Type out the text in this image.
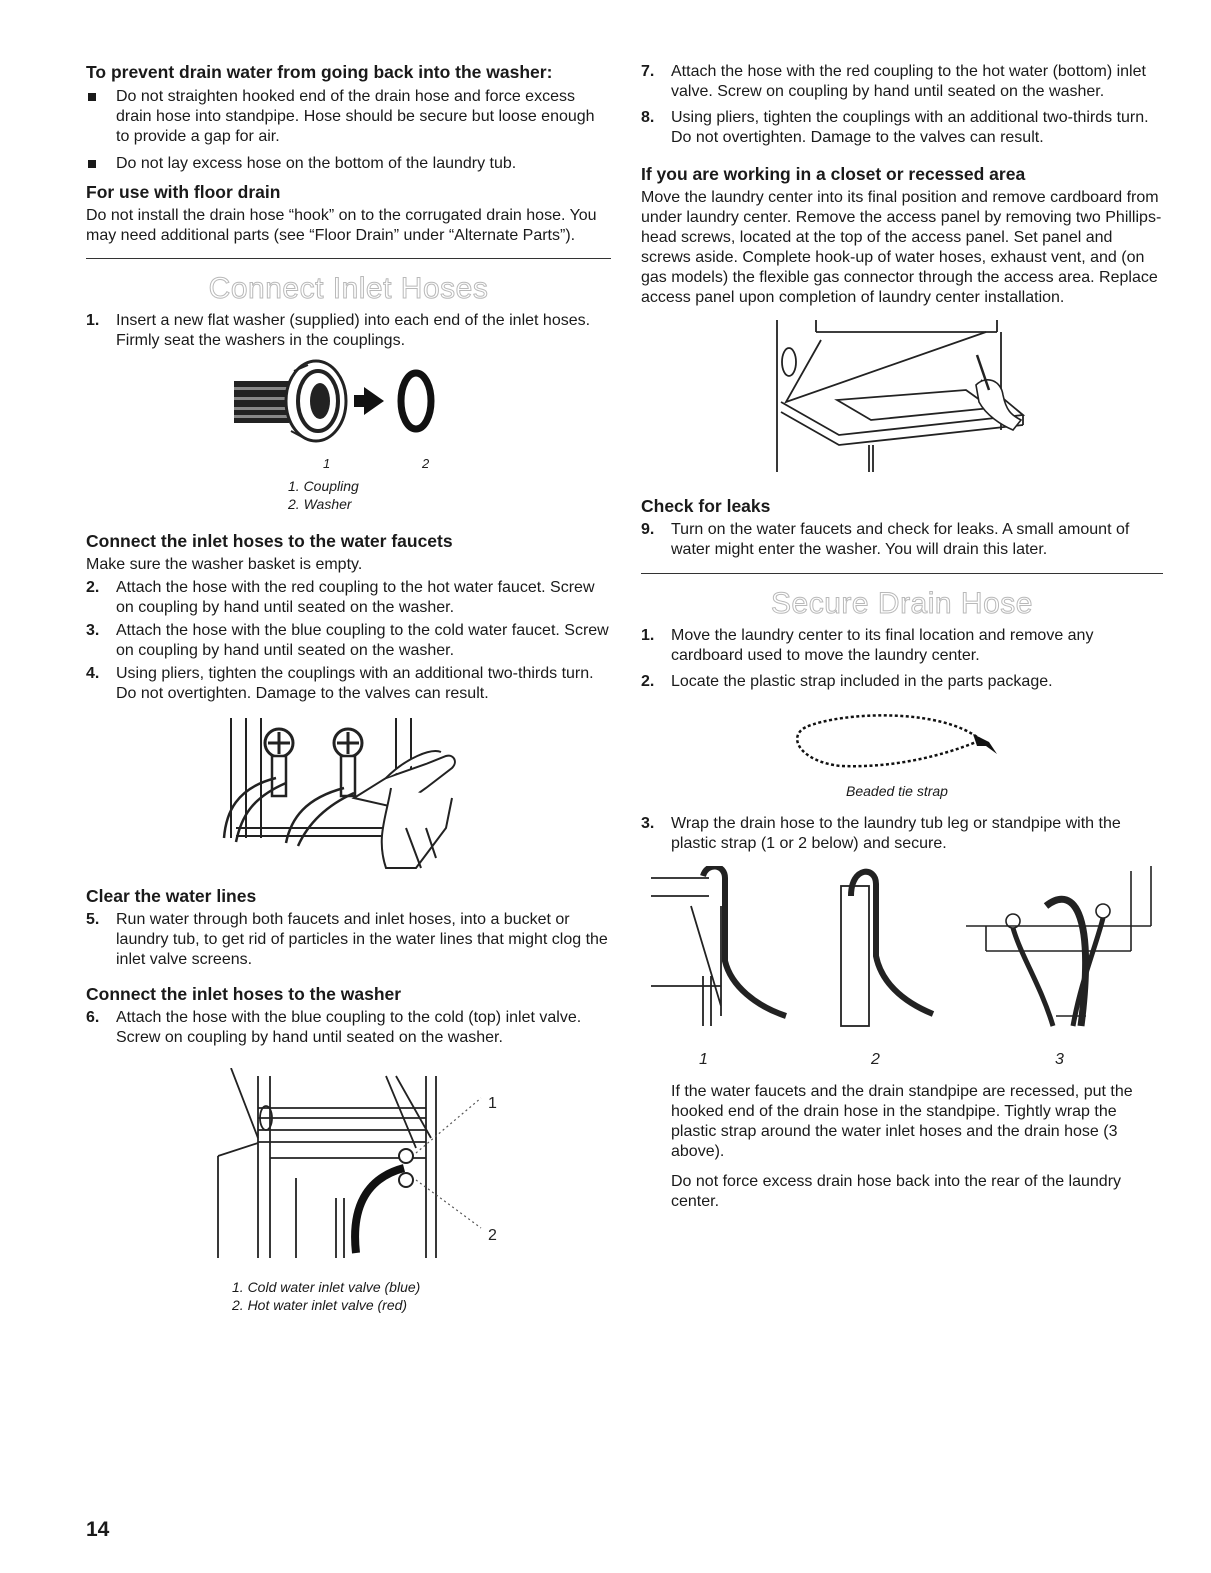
To prevent drain water from going back into the washer:
Do not straighten hooked end of the drain hose and force excess drain hose into standpipe. Hose should be secure but loose enough to provide a gap for air.
Do not lay excess hose on the bottom of the laundry tub.
For use with floor drain

Do not install the drain hose “hook” on to the corrugated drain hose. You may need additional parts (see “Floor Drain” under “Alternate Parts”).

Connect Inlet Hoses
1. Insert a new flat washer (supplied) into each end of the inlet hoses. Firmly seat the washers in the couplings.
1	2
1. Coupling
2. Washer
Connect the inlet hoses to the water faucets

Make sure the washer basket is empty.

2. Attach the hose with the red coupling to the hot water faucet. Screw on coupling by hand until seated on the washer.
3. Attach the hose with the blue coupling to the cold water faucet. Screw on coupling by hand until seated on the washer.
4. Using pliers, tighten the couplings with an additional two-thirds turn. Do not overtighten. Damage to the valves can result.
Clear the water lines
5. Run water through both faucets and inlet hoses, into a bucket or laundry tub, to get rid of particles in the water lines that might clog the inlet valve screens.
Connect the inlet hoses to the washer
6. Attach the hose with the blue coupling to the cold (top) inlet valve. Screw on coupling by hand until seated on the washer.
1
2
1. Cold water inlet valve (blue)
2. Hot water inlet valve (red)
7. Attach the hose with the red coupling to the hot water (bottom) inlet valve. Screw on coupling by hand until seated on the washer.
8. Using pliers, tighten the couplings with an additional two-thirds turn. Do not overtighten. Damage to the valves can result.
If you are working in a closet or recessed area

Move the laundry center into its final position and remove cardboard from under laundry center. Remove the access panel by removing two Phillips-head screws, located at the top of the access panel. Set panel and screws aside. Complete hook-up of water hoses, exhaust vent, and (on gas models) the flexible gas connector through the access area. Replace access panel upon completion of laundry center installation.

Check for leaks
9. Turn on the water faucets and check for leaks. A small amount of water might enter the washer. You will drain this later.
Secure Drain Hose
1. Move the laundry center to its final location and remove any cardboard used to move the laundry center.
2. Locate the plastic strap included in the parts package.
Beaded tie strap
3. Wrap the drain hose to the laundry tub leg or standpipe with the plastic strap (1 or 2 below) and secure.
1	2	3

If the water faucets and the drain standpipe are recessed, put the hooked end of the drain hose in the standpipe. Tightly wrap the plastic strap around the water inlet hoses and the drain hose (3 above).

Do not force excess drain hose back into the rear of the laundry center.

14
